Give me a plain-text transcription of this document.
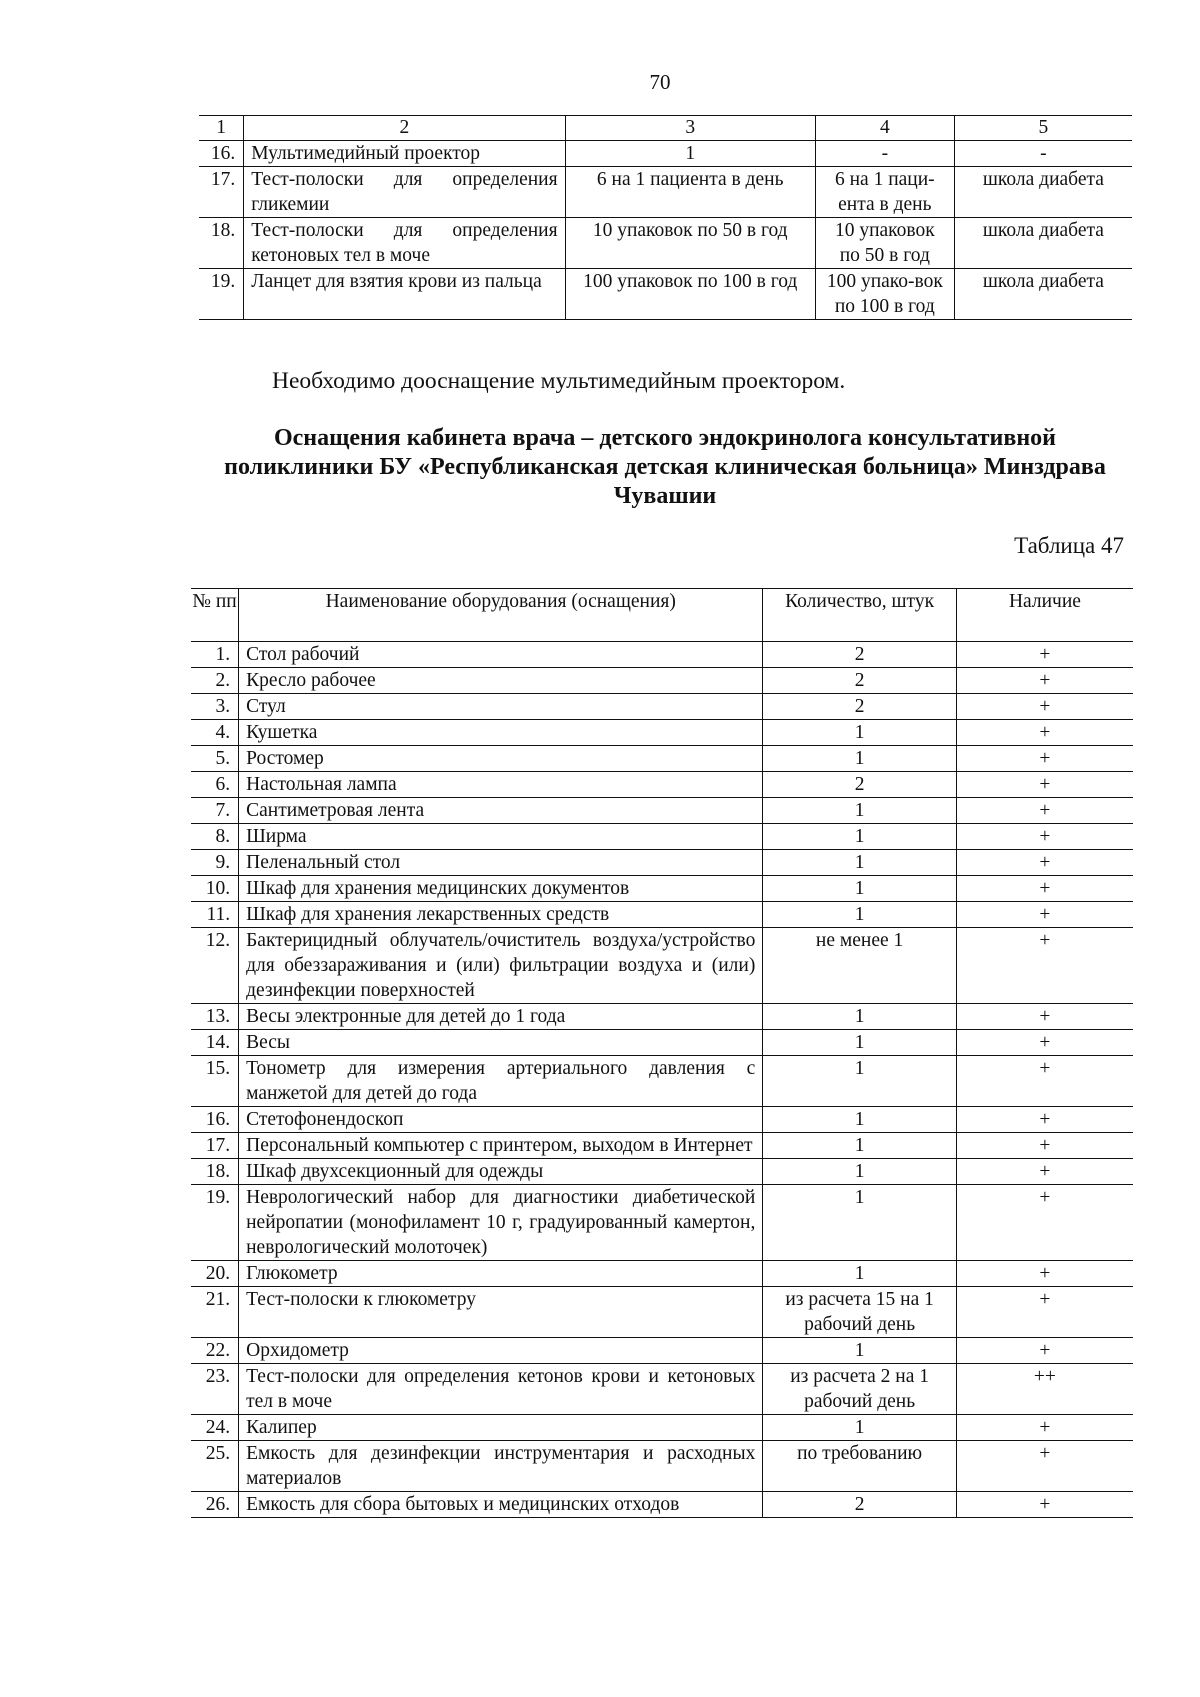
70
1	2	3	4	5
16.	Мультимедийный проектор	1	-	-
17.	Тест-полоски для определения гликемии	6 на 1 пациента в день	6 на 1 паци-ента в день	школа диабета
18.	Тест-полоски для определения кетоновых тел в моче	10 упаковок по 50 в год	10 упаковок по 50 в год	школа диабета
19.	Ланцет для взятия крови из пальца	100 упаковок по 100 в год	100 упако-вок по 100 в год	школа диабета
Необходимо дооснащение мультимедийным проектором.
Оснащения кабинета врача – детского эндокринолога консультативной поликлиники БУ «Республиканская детская клиническая больница» Минздрава Чувашии
Таблица 47
№ пп	Наименование оборудования (оснащения)	Количество, штук	Наличие
1.	Стол рабочий	2	+
2.	Кресло рабочее	2	+
3.	Стул	2	+
4.	Кушетка	1	+
5.	Ростомер	1	+
6.	Настольная лампа	2	+
7.	Сантиметровая лента	1	+
8.	Ширма	1	+
9.	Пеленальный стол	1	+
10.	Шкаф для хранения медицинских документов	1	+
11.	Шкаф для хранения лекарственных средств	1	+
12.	Бактерицидный облучатель/очиститель воздуха/устройство для обеззараживания и (или) фильтрации воздуха и (или) дезинфекции поверхностей	не менее 1	+
13.	Весы электронные для детей до 1 года	1	+
14.	Весы	1	+
15.	Тонометр для измерения артериального давления с манжетой для детей до года	1	+
16.	Стетофонендоскоп	1	+
17.	Персональный компьютер с принтером, выходом в Интернет	1	+
18.	Шкаф двухсекционный для одежды	1	+
19.	Неврологический набор для диагностики диабетической нейропатии (монофиламент 10 г, градуированный камертон, неврологический молоточек)	1	+
20.	Глюкометр	1	+
21.	Тест-полоски к глюкометру	из расчета 15 на 1 рабочий день	+
22.	Орхидометр	1	+
23.	Тест-полоски для определения кетонов крови и кетоновых тел в моче	из расчета 2 на 1 рабочий день	++
24.	Калипер	1	+
25.	Емкость для дезинфекции инструментария и расходных материалов	по требованию	+
26.	Емкость для сбора бытовых и медицинских отходов	2	+
